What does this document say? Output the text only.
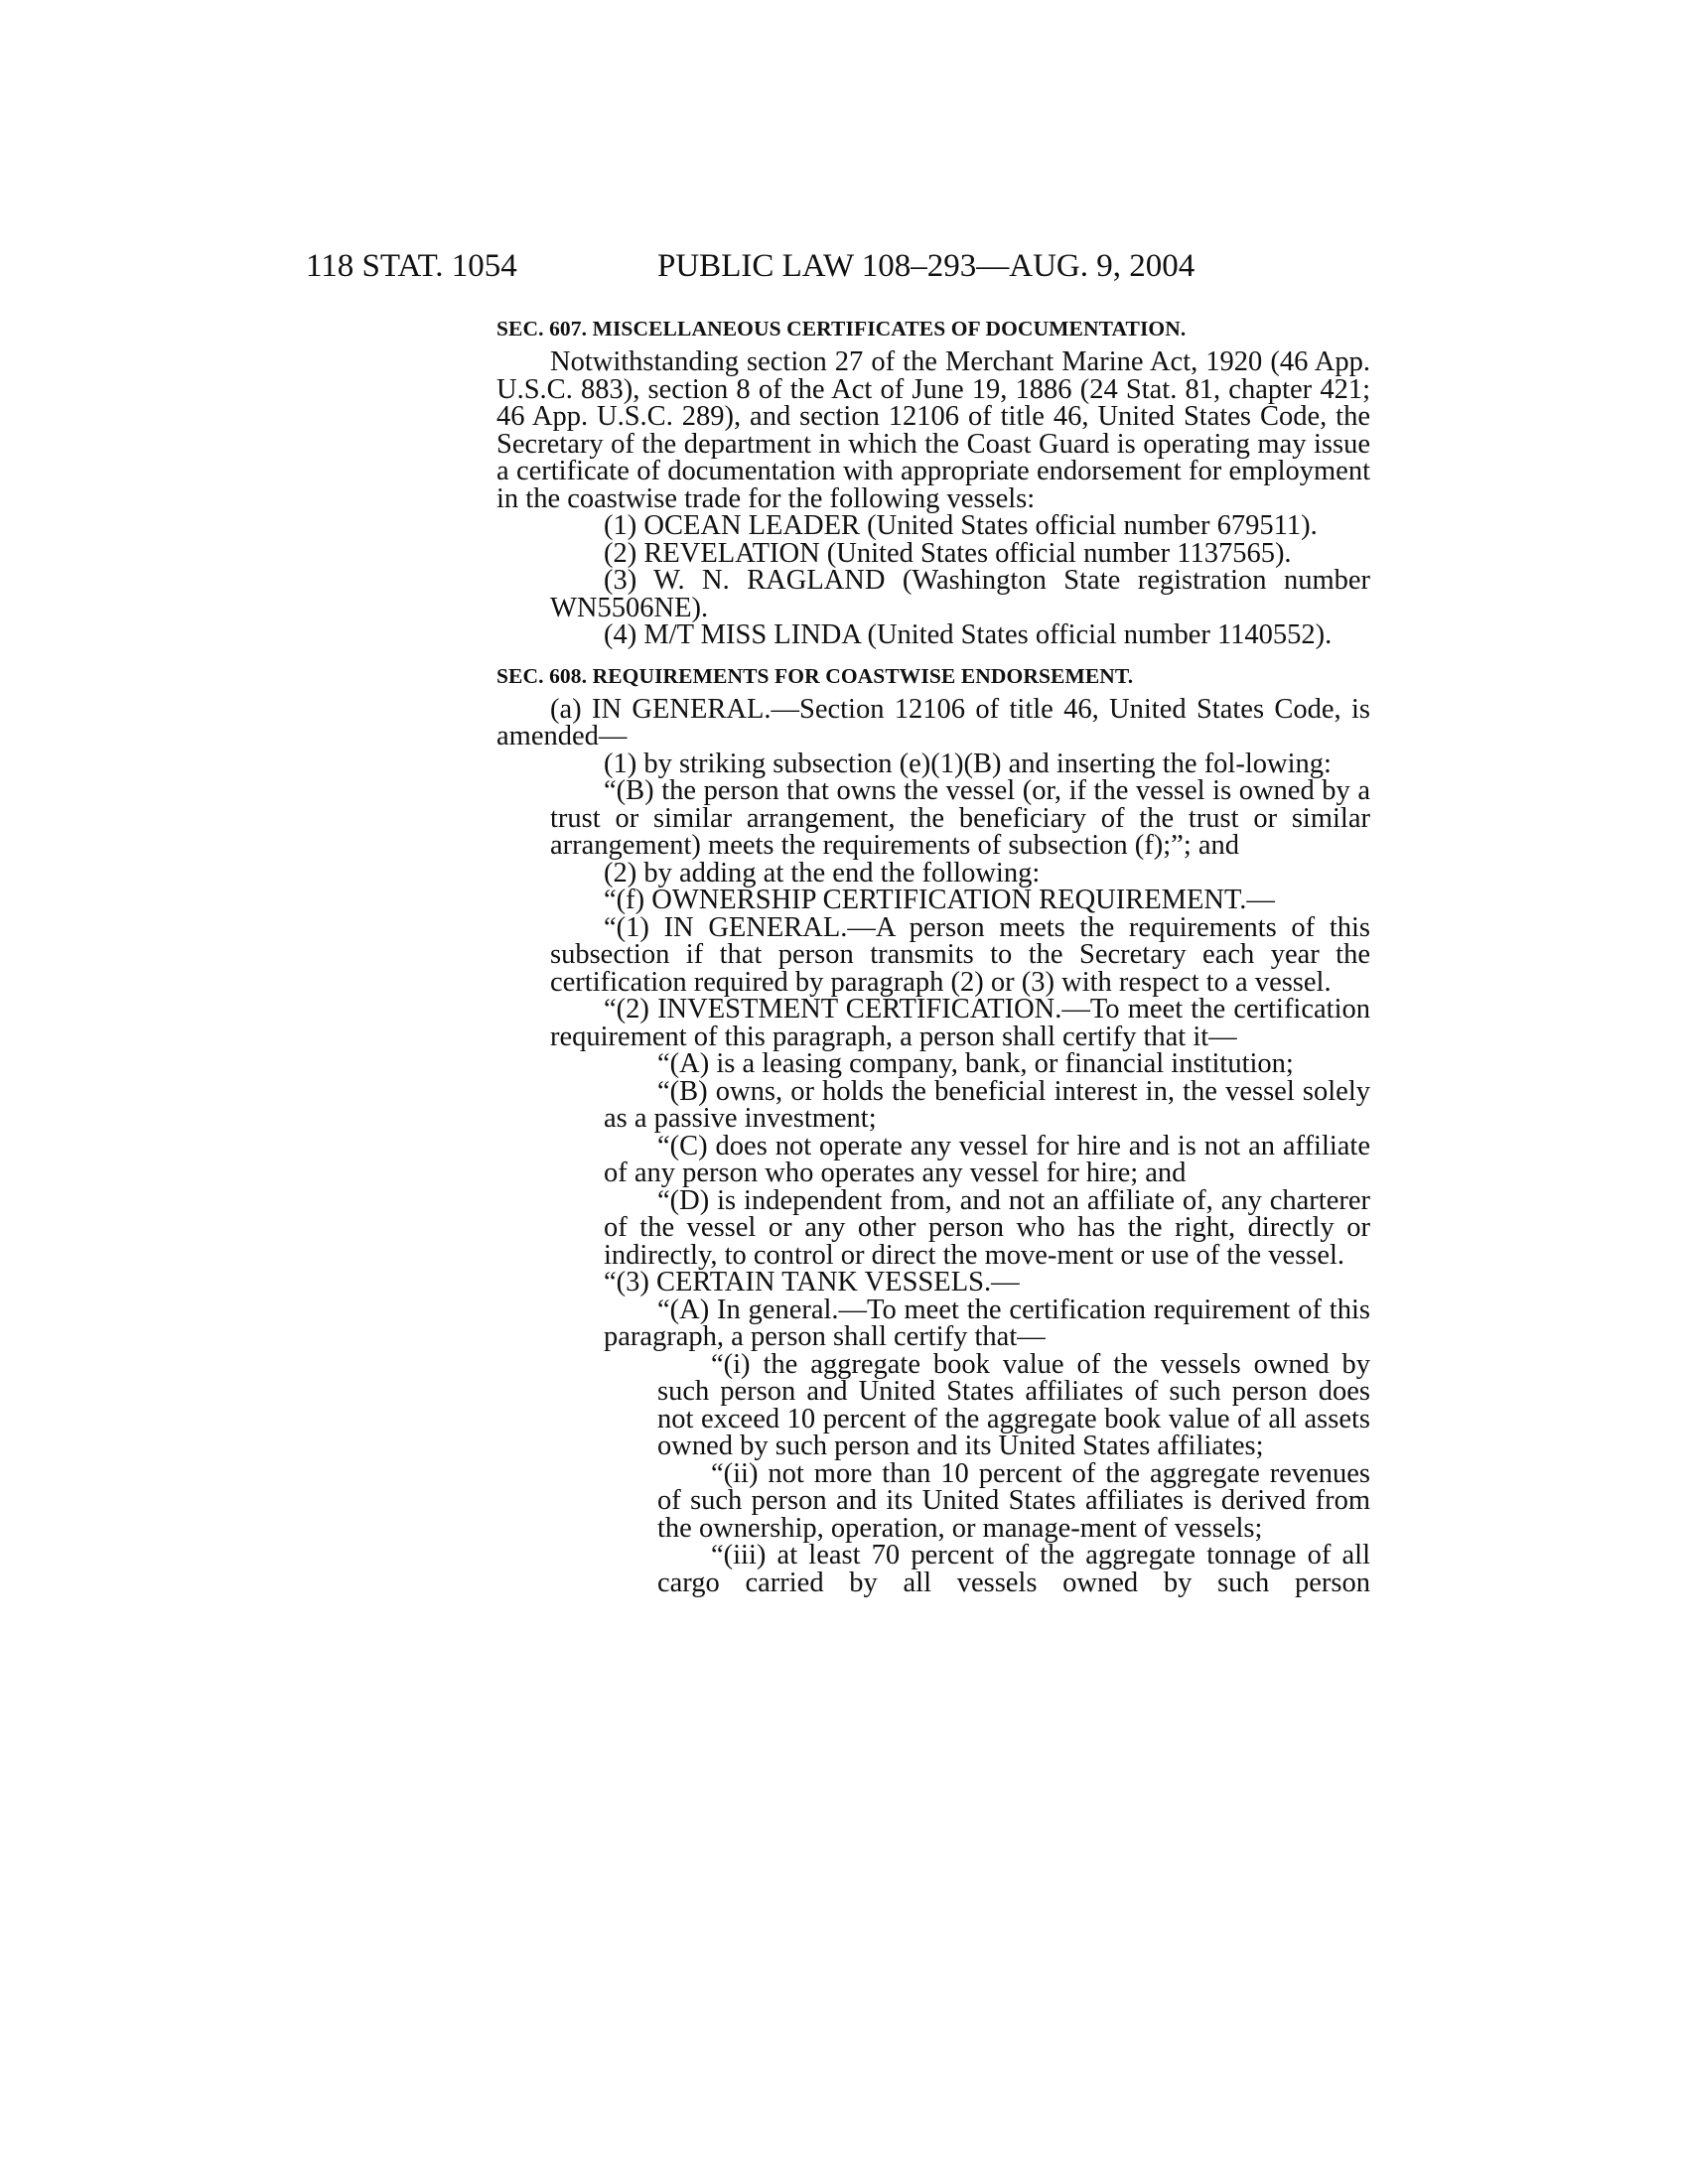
118 STAT. 1054	PUBLIC LAW 108–293—AUG. 9, 2004

SEC. 607. MISCELLANEOUS CERTIFICATES OF DOCUMENTATION.

Notwithstanding section 27 of the Merchant Marine Act, 1920 (46 App. U.S.C. 883), section 8 of the Act of June 19, 1886 (24 Stat. 81, chapter 421; 46 App. U.S.C. 289), and section 12106 of title 46, United States Code, the Secretary of the department in which the Coast Guard is operating may issue a certificate of documentation with appropriate endorsement for employment in the coastwise trade for the following vessels:

(1) OCEAN LEADER (United States official number 679511).

(2) REVELATION (United States official number 1137565).

(3) W. N. RAGLAND (Washington State registration number WN5506NE).

(4) M/T MISS LINDA (United States official number 1140552).

SEC. 608. REQUIREMENTS FOR COASTWISE ENDORSEMENT.

(a) IN GENERAL.—Section 12106 of title 46, United States Code, is amended—

(1) by striking subsection (e)(1)(B) and inserting the fol-lowing:

“(B) the person that owns the vessel (or, if the vessel is owned by a trust or similar arrangement, the beneficiary of the trust or similar arrangement) meets the requirements of subsection (f);”; and

(2) by adding at the end the following:

“(f) OWNERSHIP CERTIFICATION REQUIREMENT.—

“(1) IN GENERAL.—A person meets the requirements of this subsection if that person transmits to the Secretary each year the certification required by paragraph (2) or (3) with respect to a vessel.

“(2) INVESTMENT CERTIFICATION.—To meet the certification requirement of this paragraph, a person shall certify that it—

“(A) is a leasing company, bank, or financial institution;

“(B) owns, or holds the beneficial interest in, the vessel solely as a passive investment;

“(C) does not operate any vessel for hire and is not an affiliate of any person who operates any vessel for hire; and

“(D) is independent from, and not an affiliate of, any charterer of the vessel or any other person who has the right, directly or indirectly, to control or direct the move-ment or use of the vessel.

“(3) CERTAIN TANK VESSELS.—

“(A) In general.—To meet the certification requirement of this paragraph, a person shall certify that—

“(i) the aggregate book value of the vessels owned by such person and United States affiliates of such person does not exceed 10 percent of the aggregate book value of all assets owned by such person and its United States affiliates;

“(ii) not more than 10 percent of the aggregate revenues of such person and its United States affiliates is derived from the ownership, operation, or manage-ment of vessels;

“(iii) at least 70 percent of the aggregate tonnage of all cargo carried by all vessels owned by such person
